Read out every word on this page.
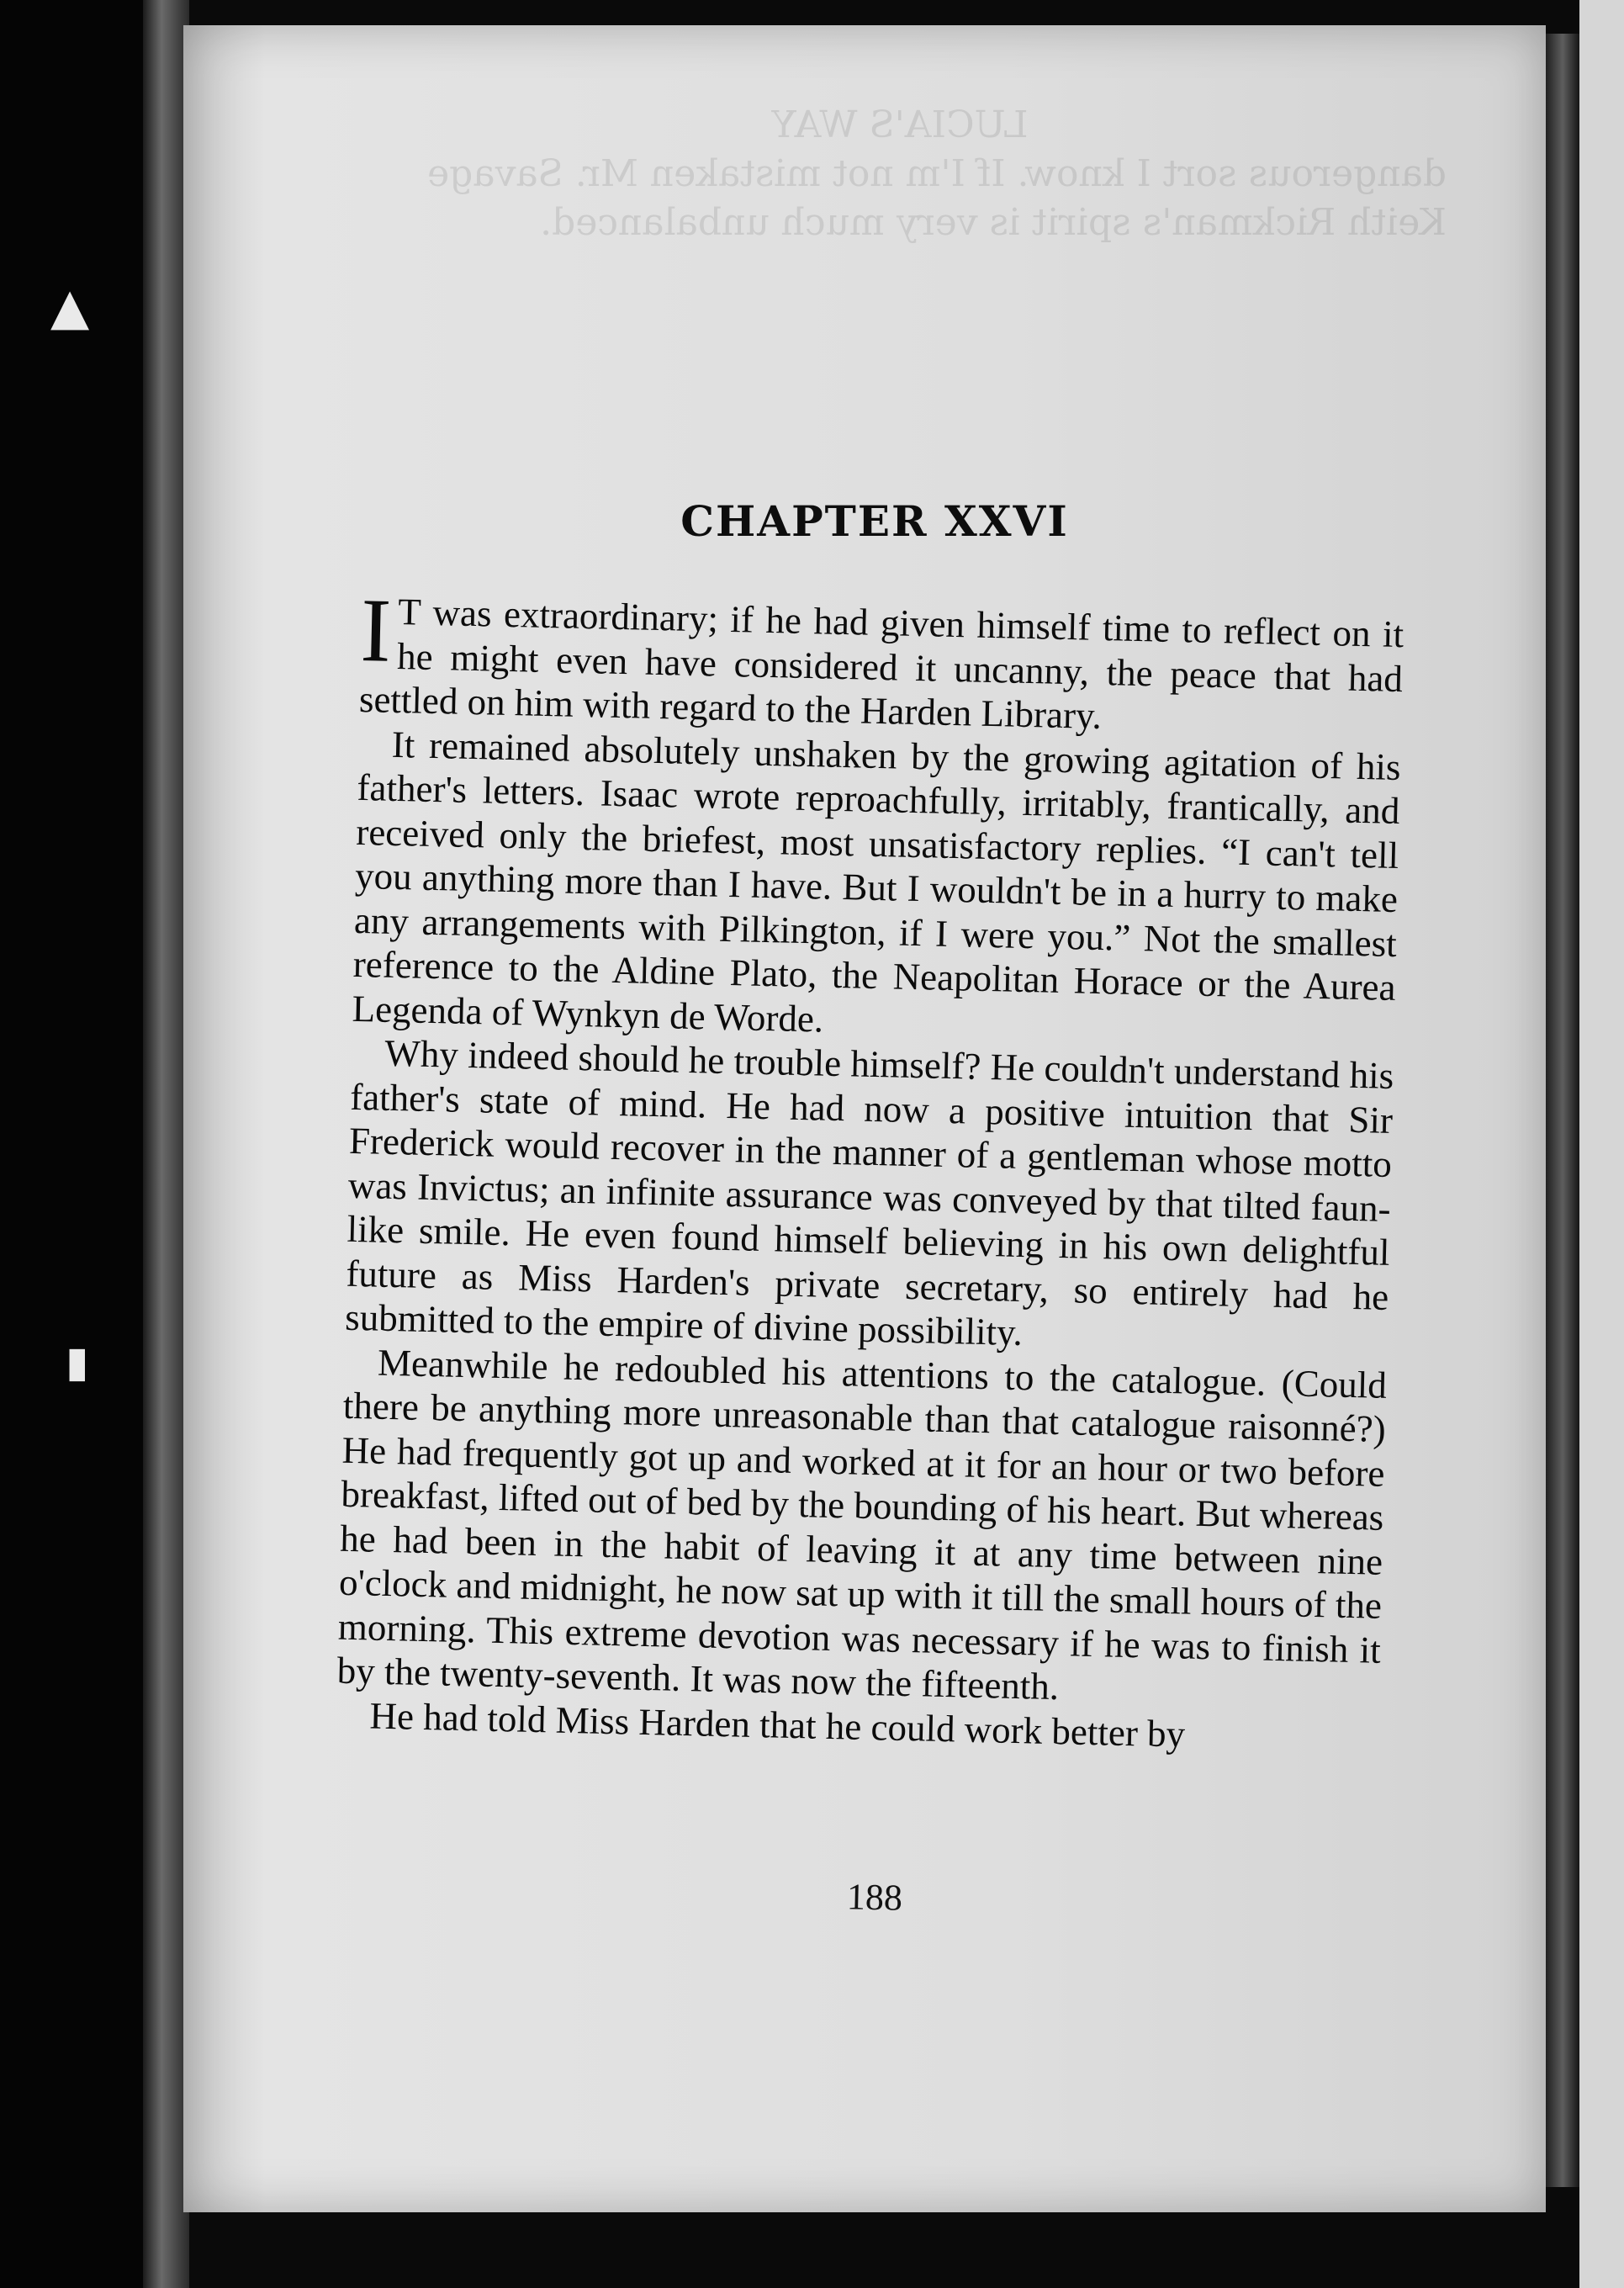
LUCIA'S WAY
dangerous sort I know. If I'm not mistaken Mr. Savage
Keith Rickman's spirit is very much unbalanced.
CHAPTER XXVI

I T was extraordinary; if he had given himself time to reflect on it he might even have considered it uncanny, the peace that had settled on him with regard to the Harden Library.

It remained absolutely unshaken by the growing agitation of his father's letters. Isaac wrote reproachfully, irritably, frantically, and received only the briefest, most unsatisfactory replies. “I can't tell you anything more than I have. But I wouldn't be in a hurry to make any arrangements with Pilkington, if I were you.” Not the smallest reference to the Aldine Plato, the Neapolitan Horace or the Aurea Legenda of Wynkyn de Worde.

Why indeed should he trouble himself? He couldn't understand his father's state of mind. He had now a positive intuition that Sir Frederick would recover in the manner of a gentleman whose motto was Invictus; an infinite assurance was conveyed by that tilted faun-like smile. He even found himself believing in his own delightful future as Miss Harden's private secretary, so entirely had he submitted to the empire of divine possibility.

Meanwhile he redoubled his attentions to the catalogue. (Could there be anything more unreasonable than that catalogue raisonné?) He had frequently got up and worked at it for an hour or two before breakfast, lifted out of bed by the bounding of his heart. But whereas he had been in the habit of leaving it at any time between nine o'clock and midnight, he now sat up with it till the small hours of the morning. This extreme devotion was necessary if he was to finish it by the twenty-seventh. It was now the fifteenth.

He had told Miss Harden that he could work better by

188
▲
▮
